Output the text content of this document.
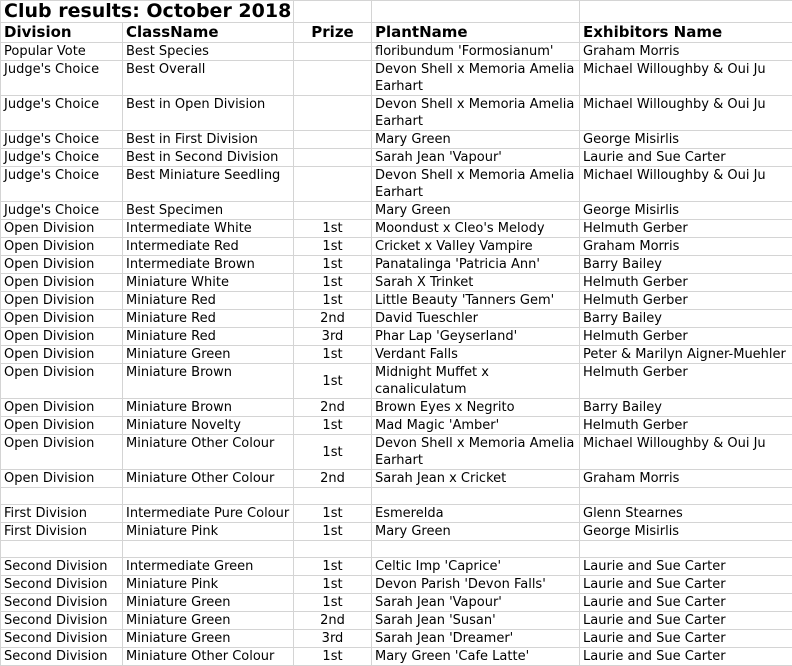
Club results: October 2018				
Division	ClassName	Prize	PlantName	Exhibitors Name
Popular Vote	Best Species		floribundum 'Formosianum'	Graham Morris
Judge's Choice	Best Overall		Devon Shell x Memoria Amelia Earhart	Michael Willoughby & Oui Ju
Judge's Choice	Best in Open Division		Devon Shell x Memoria Amelia Earhart	Michael Willoughby & Oui Ju
Judge's Choice	Best in First Division		Mary Green	George Misirlis
Judge's Choice	Best in Second Division		Sarah Jean 'Vapour'	Laurie and Sue Carter
Judge's Choice	Best Miniature Seedling		Devon Shell x Memoria Amelia Earhart	Michael Willoughby & Oui Ju
Judge's Choice	Best Specimen		Mary Green	George Misirlis
Open Division	Intermediate White	1st	Moondust x Cleo's Melody	Helmuth Gerber
Open Division	Intermediate Red	1st	Cricket x Valley Vampire	Graham Morris
Open Division	Intermediate Brown	1st	Panatalinga 'Patricia Ann'	Barry Bailey
Open Division	Miniature White	1st	Sarah X Trinket	Helmuth Gerber
Open Division	Miniature Red	1st	Little Beauty 'Tanners Gem'	Helmuth Gerber
Open Division	Miniature Red	2nd	David Tueschler	Barry Bailey
Open Division	Miniature Red	3rd	Phar Lap 'Geyserland'	Helmuth Gerber
Open Division	Miniature Green	1st	Verdant Falls	Peter & Marilyn Aigner-Muehler
Open Division	Miniature Brown	1st	Midnight Muffet x canaliculatum	Helmuth Gerber
Open Division	Miniature Brown	2nd	Brown Eyes x Negrito	Barry Bailey
Open Division	Miniature Novelty	1st	Mad Magic 'Amber'	Helmuth Gerber
Open Division	Miniature Other Colour	1st	Devon Shell x Memoria Amelia Earhart	Michael Willoughby & Oui Ju
Open Division	Miniature Other Colour	2nd	Sarah Jean x Cricket	Graham Morris

First Division	Intermediate Pure Colour	1st	Esmerelda	Glenn Stearnes
First Division	Miniature Pink	1st	Mary Green	George Misirlis

Second Division	Intermediate Green	1st	Celtic Imp 'Caprice'	Laurie and Sue Carter
Second Division	Miniature Pink	1st	Devon Parish 'Devon Falls'	Laurie and Sue Carter
Second Division	Miniature Green	1st	Sarah Jean 'Vapour'	Laurie and Sue Carter
Second Division	Miniature Green	2nd	Sarah Jean 'Susan'	Laurie and Sue Carter
Second Division	Miniature Green	3rd	Sarah Jean 'Dreamer'	Laurie and Sue Carter
Second Division	Miniature Other Colour	1st	Mary Green 'Cafe Latte'	Laurie and Sue Carter
